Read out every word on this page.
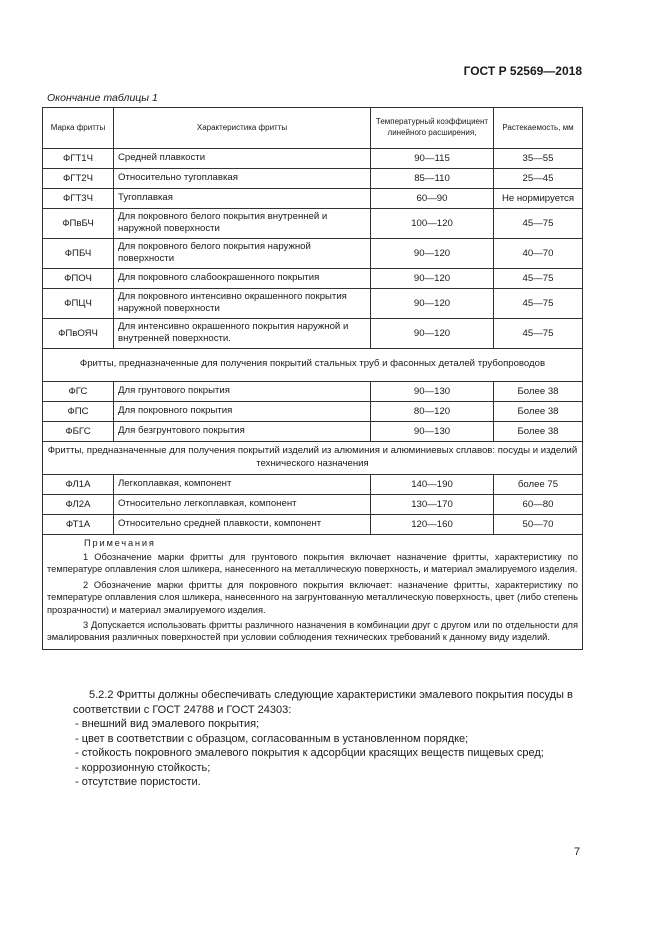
ГОСТ Р 52569—2018
Окончание таблицы 1
Марка фритты	Характеристика фритты	Температурный коэффициент линейного расширения,	Растекаемость, мм
ФГТ1Ч	Средней плавкости	90—115	35—55
ФГТ2Ч	Относительно тугоплавкая	85—110	25—45
ФГТ3Ч	Тугоплавкая	60—90	Не нормируется
ФПвБЧ	Для покровного белого покрытия внутренней и наружной поверхности	100—120	45—75
ФПБЧ	Для покровного белого покрытия наружной поверхности	90—120	40—70
ФПОЧ	Для покровного слабоокрашенного покрытия	90—120	45—75
ФПЦЧ	Для покровного интенсивно окрашенного покрытия наружной поверхности	90—120	45—75
ФПвОЯЧ	Для интенсивно окрашенного покрытия наружной и внутренней поверхности.	90—120	45—75
Фритты, предназначенные для получения покрытий стальных труб и фасонных деталей трубопроводов			
ФГС	Для грунтового покрытия	90—130	Более 38
ФПС	Для покровного покрытия	80—120	Более 38
ФБГС	Для безгрунтового покрытия	90—130	Более 38
Фритты, предназначенные для получения покрытий изделий из алюминия и алюминиевых сплавов: посуды и изделий технического назначения			
ФЛ1А	Легкоплавкая, компонент	140—190	более 75
ФЛ2А	Относительно легкоплавкая, компонент	130—170	60—80
ФТ1А	Относительно средней плавкости, компонент	120—160	50—70

Примечания

1 Обозначение марки фритты для грунтового покрытия включает назначение фритты, характеристику по температуре оплавления слоя шликера, нанесенного на металлическую поверхность, и материал эмалируемого изделия.

2 Обозначение марки фритты для покровного покрытия включает: назначение фритты, характеристику по температуре оплавления слоя шликера, нанесенного на загрунтованную металлическую поверхность, цвет (либо степень прозрачности) и материал эмалируемого изделия.

3 Допускается использовать фритты различного назначения в комбинации друг с другом или по отдельности для эмалирования различных поверхностей при условии соблюдения технических требований к данному виду изделий.			

5.2.2 Фритты должны обеспечивать следующие характеристики эмалевого покрытия посуды в соответствии с ГОСТ 24788 и ГОСТ 24303:

- внешний вид эмалевого покрытия;

- цвет в соответствии с образцом, согласованным в установленном порядке;

- стойкость покровного эмалевого покрытия к адсорбции красящих веществ пищевых сред;

- коррозионную стойкость;

- отсутствие пористости.

7
